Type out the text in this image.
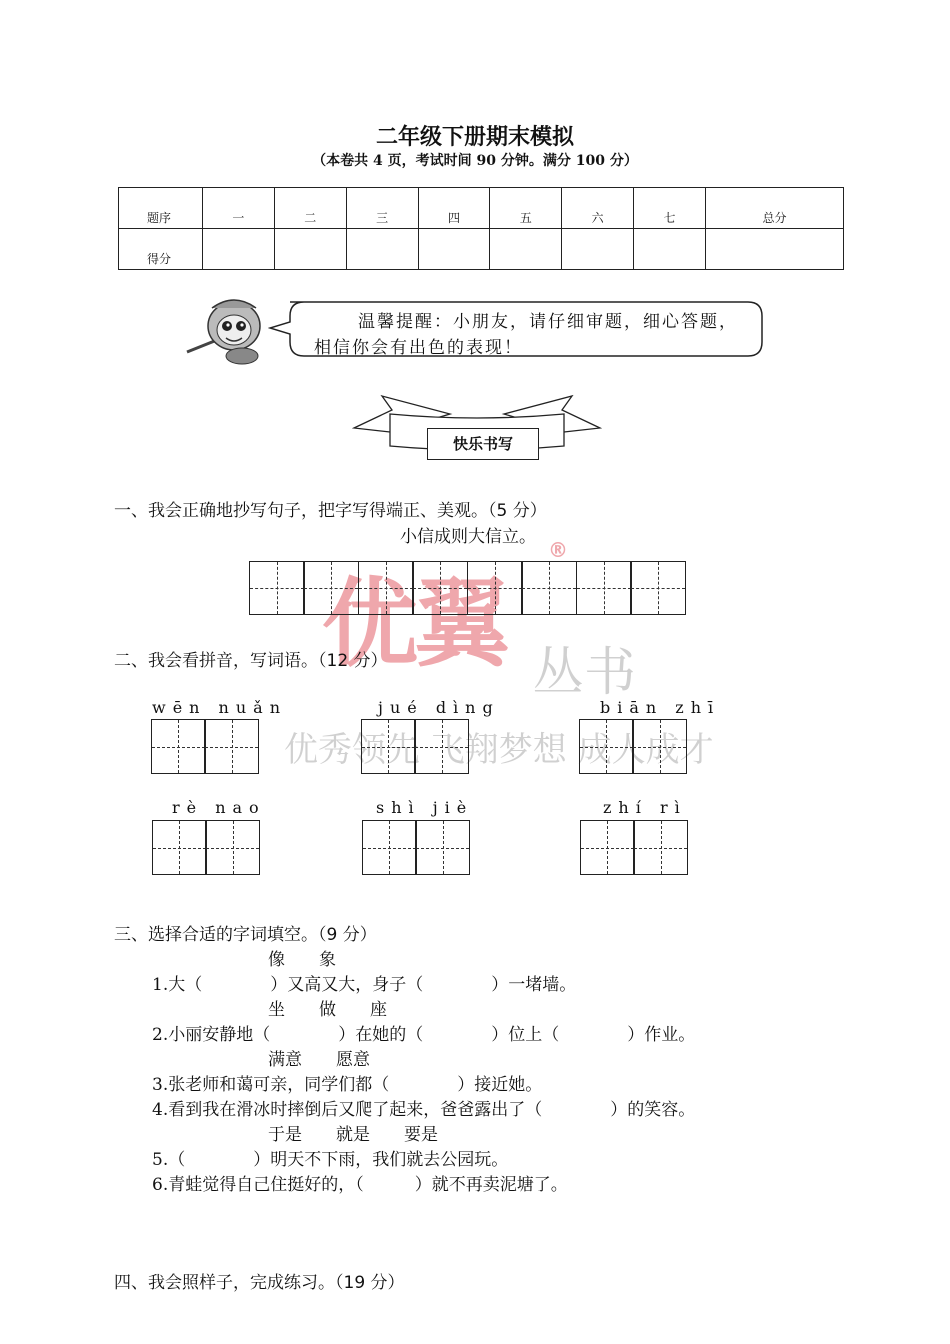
二年级下册期末模拟
（本卷共 4 页，考试时间 90 分钟。满分 100 分）
题序	一	二	三	四	五	六	七	总分
得分								
温馨提醒：小朋友，请仔细审题，细心答题，
相信你会有出色的表现！
快乐书写
优翼
®
丛书
优秀领先 飞翔梦想 成人成才
一、我会正确地抄写句子，把字写得端正、美观。（5 分）
小信成则大信立。
二、我会看拼音，写词语。（12 分）
wēn nuǎn	jué dìng	biān zhī
rè nao	shì jiè	zhí rì
三、选择合适的字词填空。（9 分）
像　　象
1.大（　　　　）又高又大，身子（　　　　）一堵墙。
坐　　做　　座
2.小丽安静地（　　　　）在她的（　　　　）位上（　　　　）作业。
满意　　愿意
3.张老师和蔼可亲，同学们都（　　　　）接近她。
4.看到我在滑冰时摔倒后又爬了起来，爸爸露出了（　　　　）的笑容。
于是　　就是　　要是
5.（　　　　）明天不下雨，我们就去公园玩。
6.青蛙觉得自己住挺好的，（　　　）就不再卖泥塘了。
四、我会照样子，完成练习。（19 分）
